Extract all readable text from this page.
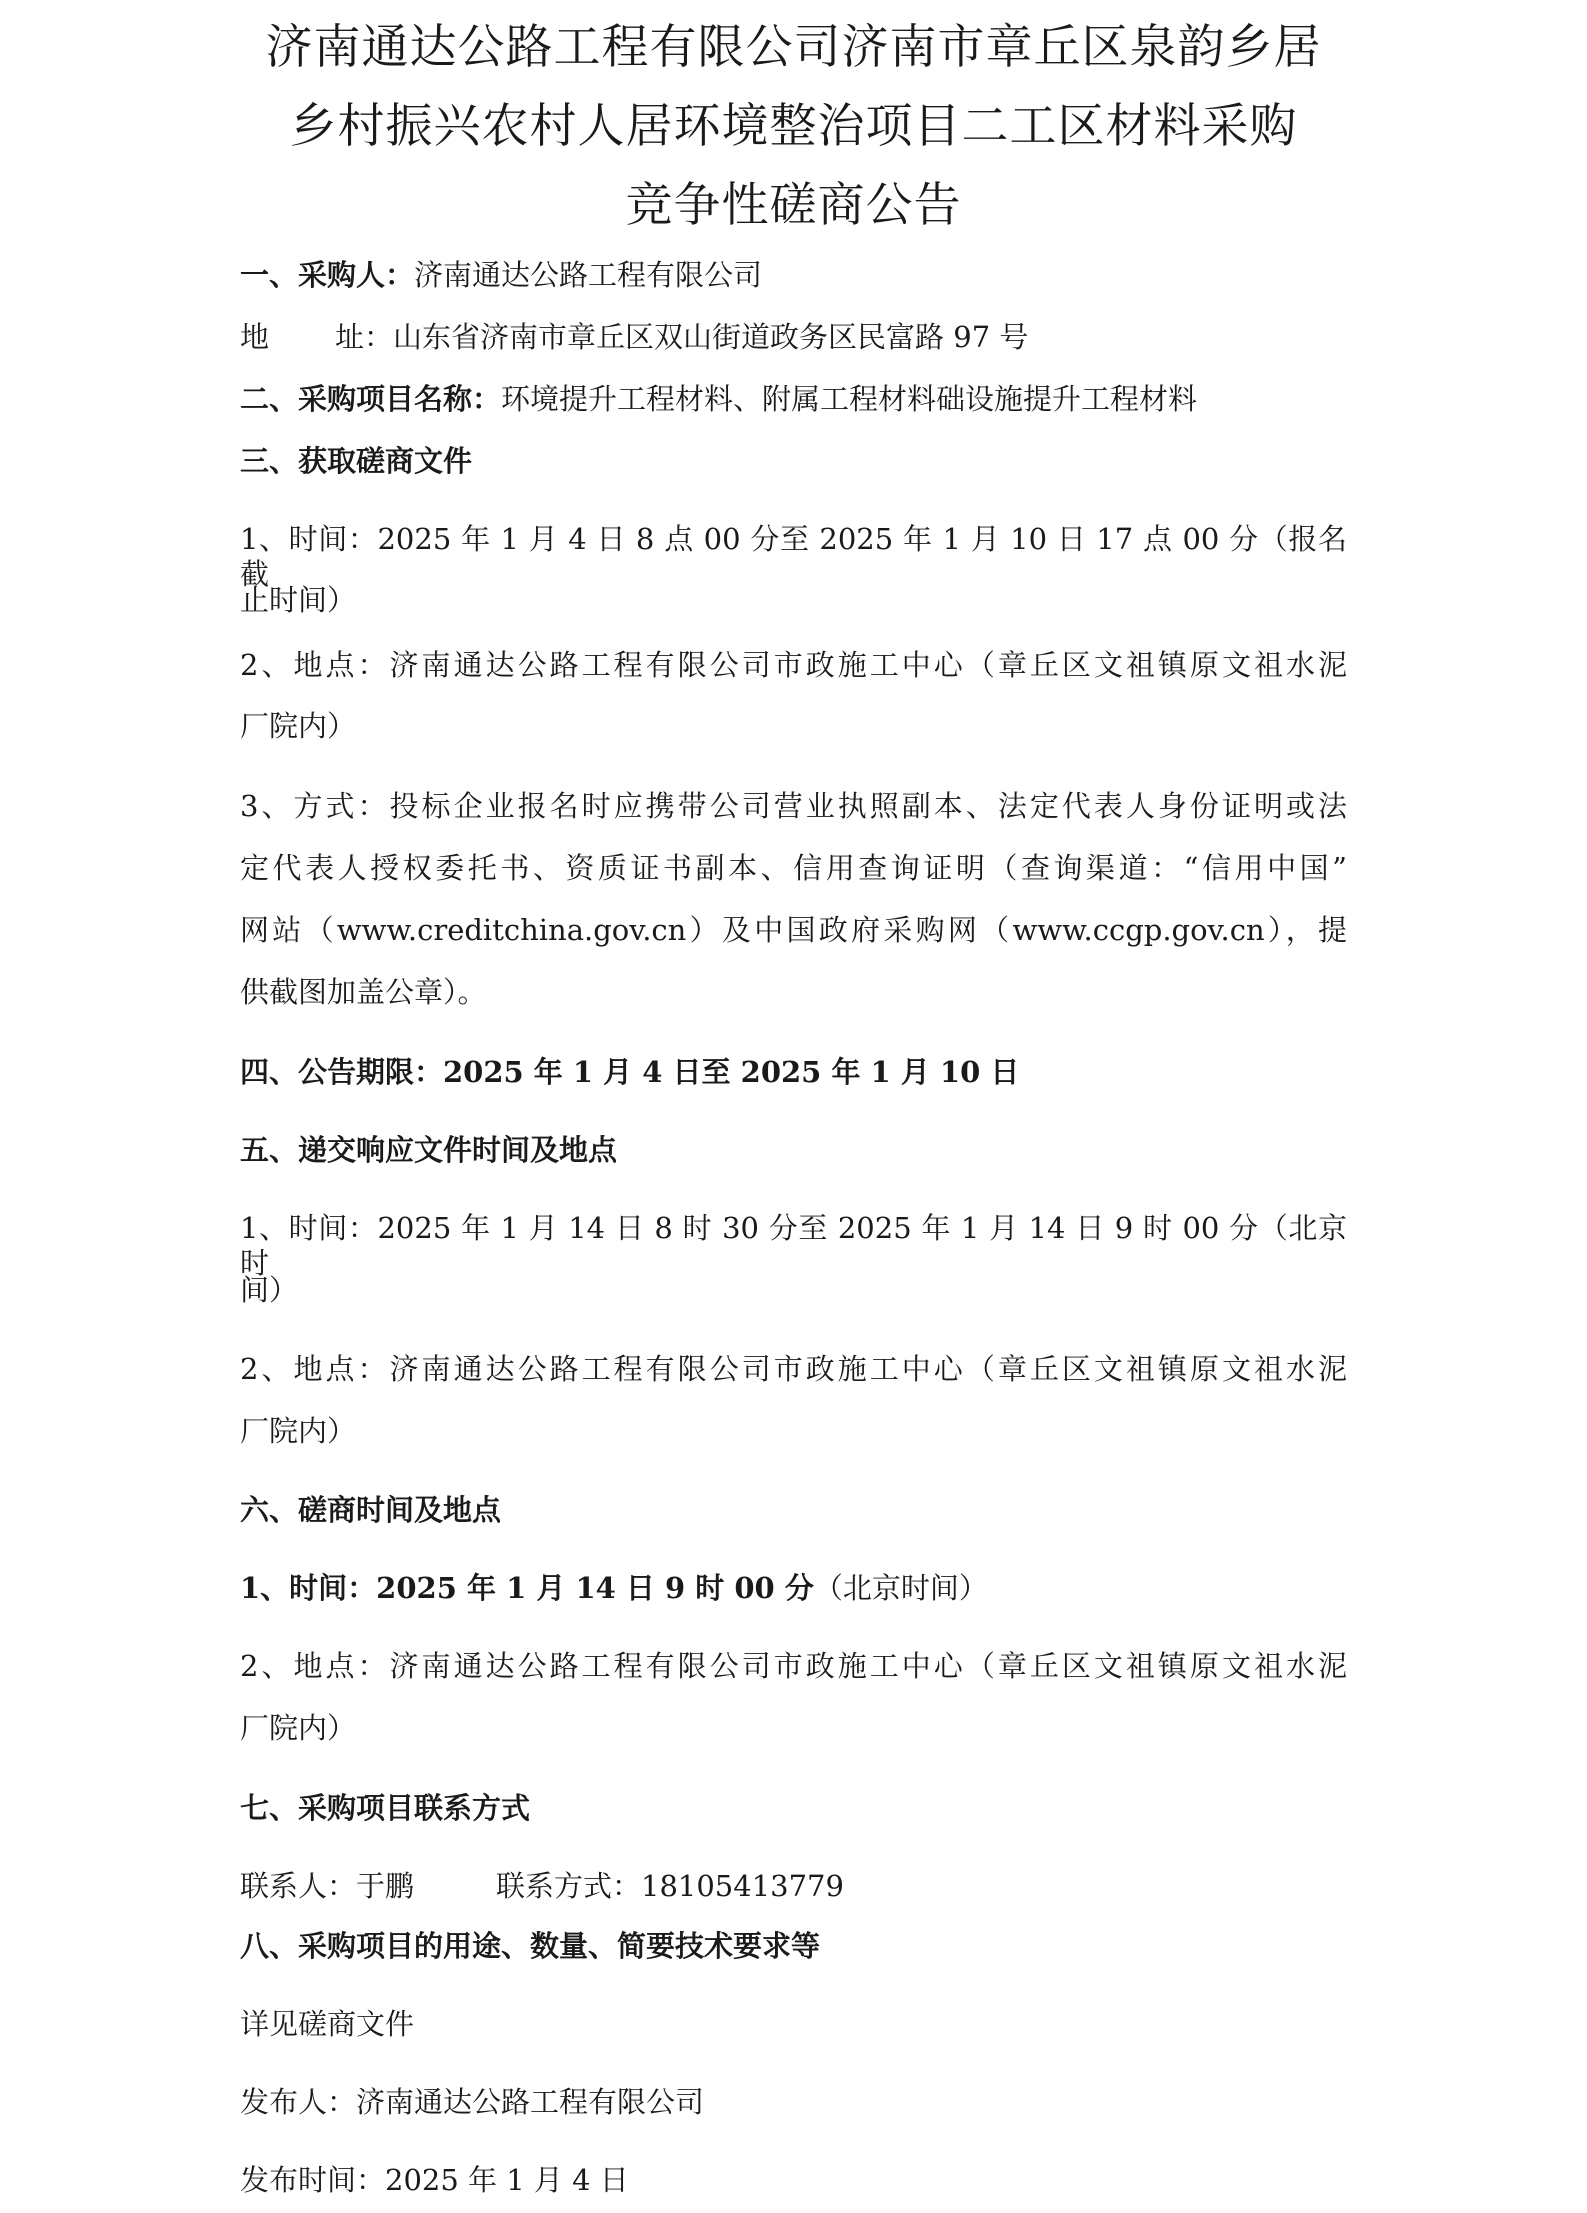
济南通达公路工程有限公司济南市章丘区泉韵乡居
乡村振兴农村人居环境整治项目二工区材料采购
竞争性磋商公告
一、采购人：济南通达公路工程有限公司
地 址：山东省济南市章丘区双山街道政务区民富路 97 号
二、采购项目名称：环境提升工程材料、附属工程材料础设施提升工程材料
三、获取磋商文件
1、时间：2025 年 1 月 4 日 8 点 00 分至 2025 年 1 月 10 日 17 点 00 分（报名截
止时间）
2、地点：济南通达公路工程有限公司市政施工中心（章丘区文祖镇原文祖水泥
厂院内）
3、方式：投标企业报名时应携带公司营业执照副本、法定代表人身份证明或法
定代表人授权委托书、资质证书副本、信用查询证明（查询渠道：“信用中国”
网站（www.creditchina.gov.cn）及中国政府采购网（www.ccgp.gov.cn），提
供截图加盖公章）。
四、公告期限：2025 年 1 月 4 日至 2025 年 1 月 10 日
五、递交响应文件时间及地点
1、时间：2025 年 1 月 14 日 8 时 30 分至 2025 年 1 月 14 日 9 时 00 分（北京时
间）
2、地点：济南通达公路工程有限公司市政施工中心（章丘区文祖镇原文祖水泥
厂院内）
六、磋商时间及地点
1、时间：2025 年 1 月 14 日 9 时 00 分（北京时间）
2、地点：济南通达公路工程有限公司市政施工中心（章丘区文祖镇原文祖水泥
厂院内）
七、采购项目联系方式
联系人：于鹏	联系方式：18105413779
八、采购项目的用途、数量、简要技术要求等
详见磋商文件
发布人：济南通达公路工程有限公司
发布时间：2025 年 1 月 4 日
